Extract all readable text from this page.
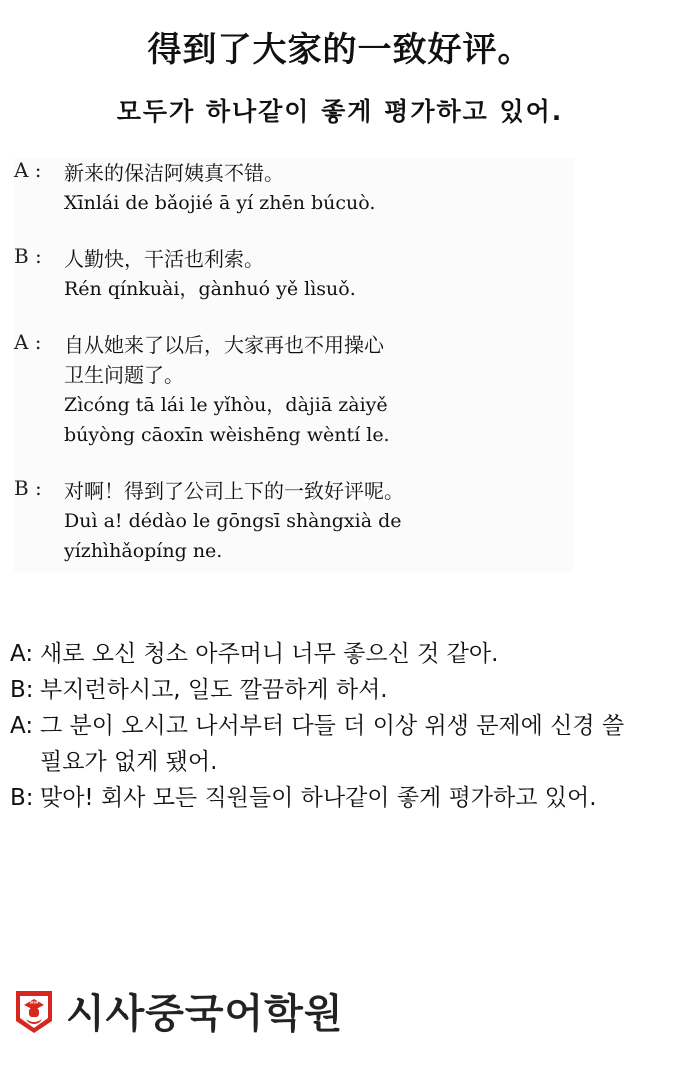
得到了大家的一致好评。
모두가 하나같이 좋게 평가하고 있어.
A : 新来的保洁阿姨真不错。
Xīnlái de bǎojié ā yí zhēn búcuò.
B : 人勤快，干活也利索。
Rén qínkuài，gànhuó yě lìsuǒ.
A : 自从她来了以后，大家再也不用操心
卫生问题了。
Zìcóng tā lái le yǐhòu，dàjiā zàiyě
búyòng cāoxīn wèishēng wèntí le.
B : 对啊！得到了公司上下的一致好评呢。
Duì a! dédào le gōngsī shàngxià de
yízhìhǎopíng ne.
A: 새로 오신 청소 아주머니 너무 좋으신 것 같아.
B: 부지런하시고, 일도 깔끔하게 하셔.
A: 그 분이 오시고 나서부터 다들 더 이상 위생 문제에 신경 쓸
필요가 없게 됐어.
B: 맞아! 회사 모든 직원들이 하나같이 좋게 평가하고 있어.
SISA 시사중국어학원
